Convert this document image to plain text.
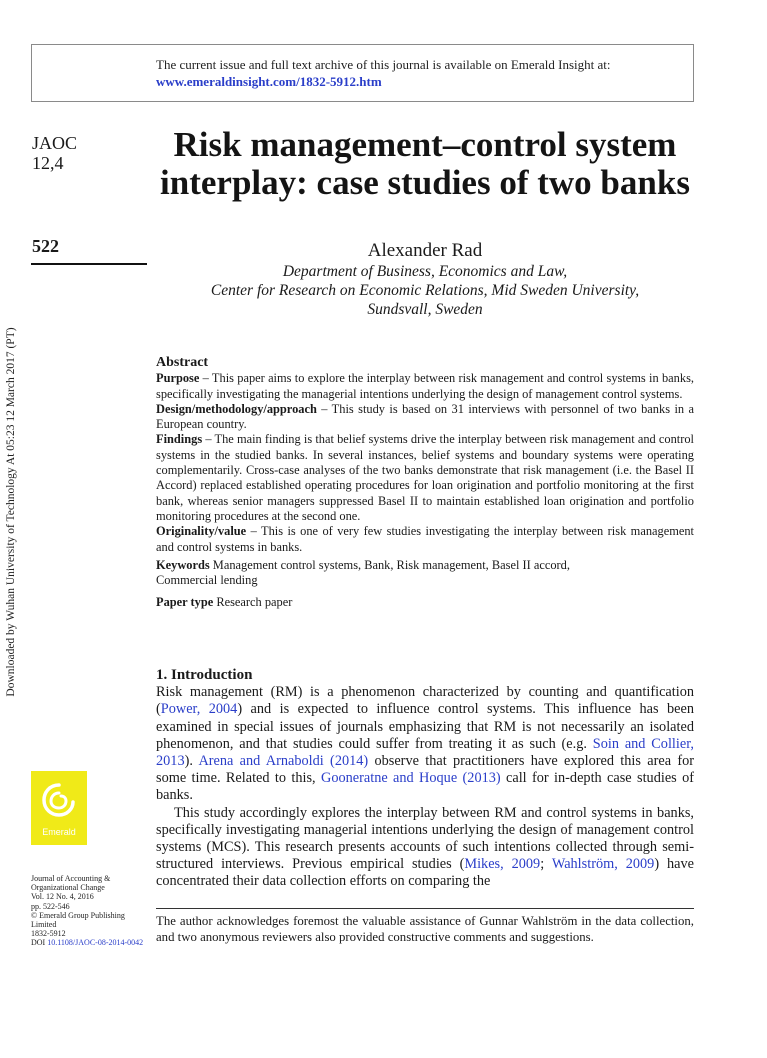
The current issue and full text archive of this journal is available on Emerald Insight at:
www.emeraldinsight.com/1832-5912.htm
Downloaded by Wuhan University of Technology At 05:23 12 March 2017 (PT)
JAOC
12,4
522
Emerald
Journal of Accounting &
Organizational Change
Vol. 12 No. 4, 2016
pp. 522-546
© Emerald Group Publishing Limited
1832-5912
DOI 10.1108/JAOC-08-2014-0042
Risk management–control system interplay: case studies of two banks
Alexander Rad
Department of Business, Economics and Law,
Center for Research on Economic Relations, Mid Sweden University,
Sundsvall, Sweden
Abstract

Purpose – This paper aims to explore the interplay between risk management and control systems in banks, specifically investigating the managerial intentions underlying the design of management control systems.

Design/methodology/approach – This study is based on 31 interviews with personnel of two banks in a European country.

Findings – The main finding is that belief systems drive the interplay between risk management and control systems in the studied banks. In several instances, belief systems and boundary systems were operating complementarily. Cross-case analyses of the two banks demonstrate that risk management (i.e. the Basel II Accord) replaced established operating procedures for loan origination and portfolio monitoring at the first bank, whereas senior managers suppressed Basel II to maintain established loan origination and portfolio monitoring procedures at the second one.

Originality/value – This is one of very few studies investigating the interplay between risk management and control systems in banks.

Keywords Management control systems, Bank, Risk management, Basel II accord,
Commercial lending

Paper type Research paper

1. Introduction

Risk management (RM) is a phenomenon characterized by counting and quantification (Power, 2004) and is expected to influence control systems. This influence has been examined in special issues of journals emphasizing that RM is not necessarily an isolated phenomenon, and that studies could suffer from treating it as such (e.g. Soin and Collier, 2013). Arena and Arnaboldi (2014) observe that practitioners have explored this area for some time. Related to this, Gooneratne and Hoque (2013) call for in-depth case studies of banks.

This study accordingly explores the interplay between RM and control systems in banks, specifically investigating managerial intentions underlying the design of management control systems (MCS). This research presents accounts of such intentions collected through semi-structured interviews. Previous empirical studies (Mikes, 2009; Wahlström, 2009) have concentrated their data collection efforts on comparing the

The author acknowledges foremost the valuable assistance of Gunnar Wahlström in the data collection, and two anonymous reviewers also provided constructive comments and suggestions.
